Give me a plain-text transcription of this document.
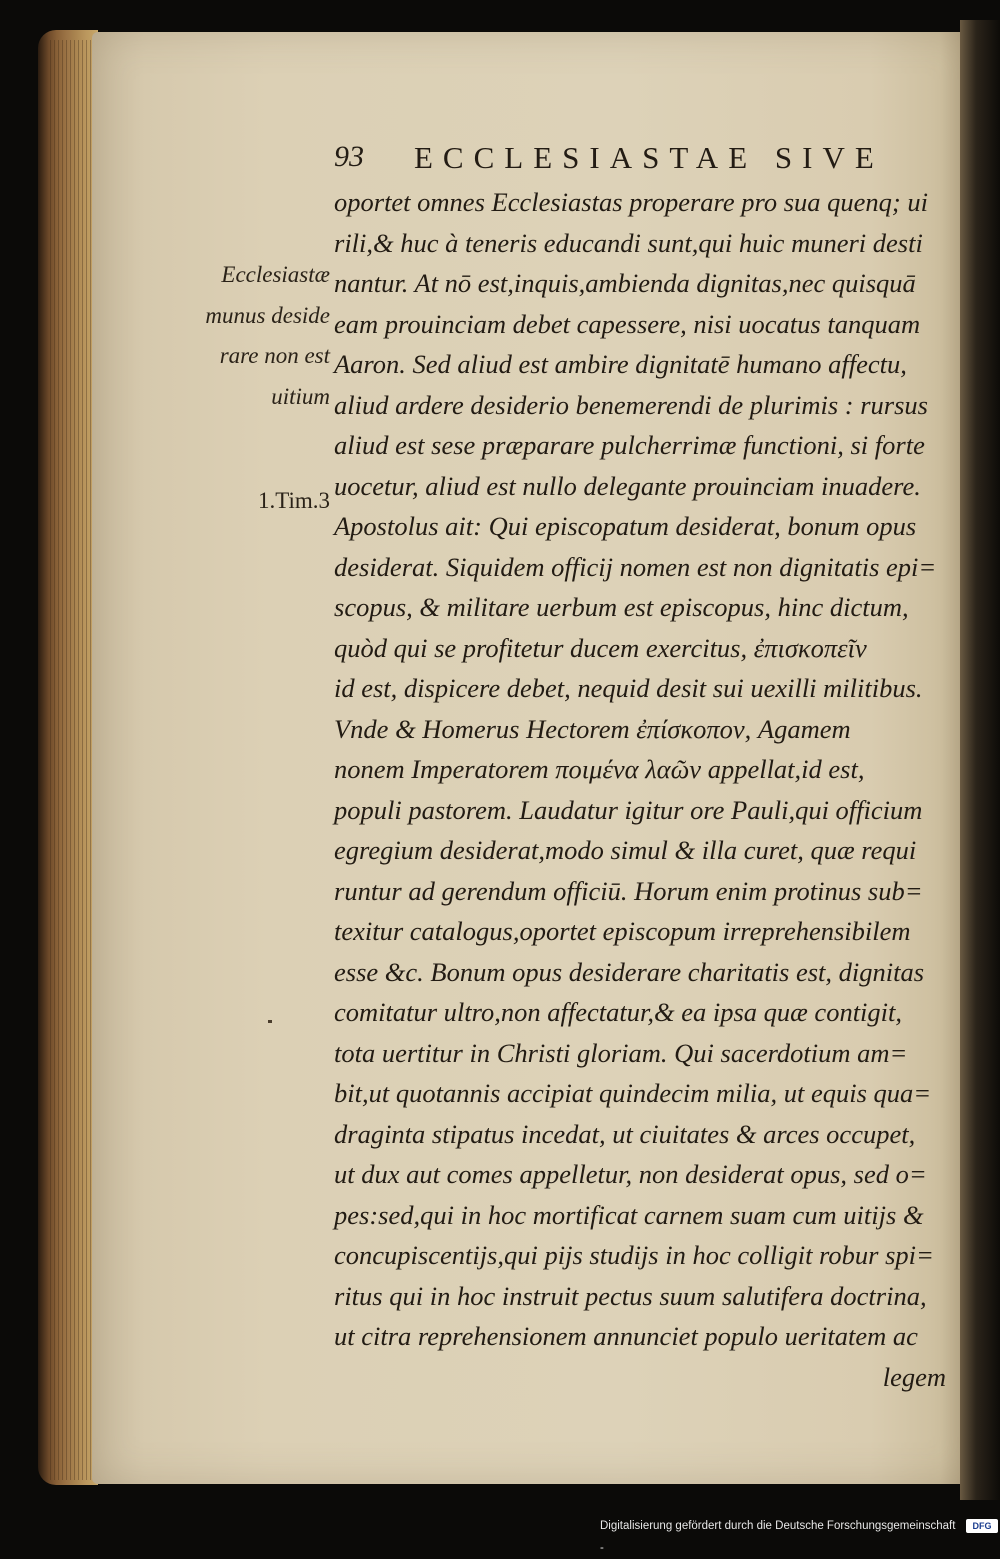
93 ECCLESIASTAE SIVE
Ecclesiastæ
munus deside
rare non est
uitium
1.Tim.3
oportet omnes Ecclesiastas properare pro sua quenq; ui
rili,& huc à teneris educandi sunt,qui huic muneri desti
nantur. At nō est,inquis,ambienda dignitas,nec quisquā
eam prouinciam debet capessere, nisi uocatus tanquam
Aaron. Sed aliud est ambire dignitatē humano affectu,
aliud ardere desiderio benemerendi de plurimis : rursus
aliud est sese præparare pulcherrimæ functioni, si forte
uocetur, aliud est nullo delegante prouinciam inuadere.
Apostolus ait: Qui episcopatum desiderat, bonum opus
desiderat. Siquidem officij nomen est non dignitatis epi=
scopus, & militare uerbum est episcopus, hinc dictum,
quòd qui se profitetur ducem exercitus, ἐπισκοπεῖν
id est, dispicere debet, nequid desit sui uexilli militibus.
Vnde & Homerus Hectorem ἐπίσκοπον, Agamem
nonem Imperatorem ποιμένα λαῶν appellat,id est,
populi pastorem. Laudatur igitur ore Pauli,qui officium
egregium desiderat,modo simul & illa curet, quæ requi
runtur ad gerendum officiū. Horum enim protinus sub=
texitur catalogus,oportet episcopum irreprehensibilem
esse &c. Bonum opus desiderare charitatis est, dignitas
comitatur ultro,non affectatur,& ea ipsa quæ contigit,
tota uertitur in Christi gloriam. Qui sacerdotium am=
bit,ut quotannis accipiat quindecim milia, ut equis qua=
draginta stipatus incedat, ut ciuitates & arces occupet,
ut dux aut comes appelletur, non desiderat opus, sed o=
pes:sed,qui in hoc mortificat carnem suam cum uitijs &
concupiscentijs,qui pijs studijs in hoc colligit robur spi=
ritus qui in hoc instruit pectus suum salutifera doctrina,
ut citra reprehensionem annunciet populo ueritatem ac
legem
Digitalisierung gefördert durch die Deutsche Forschungsgemeinschaft -
DFG
